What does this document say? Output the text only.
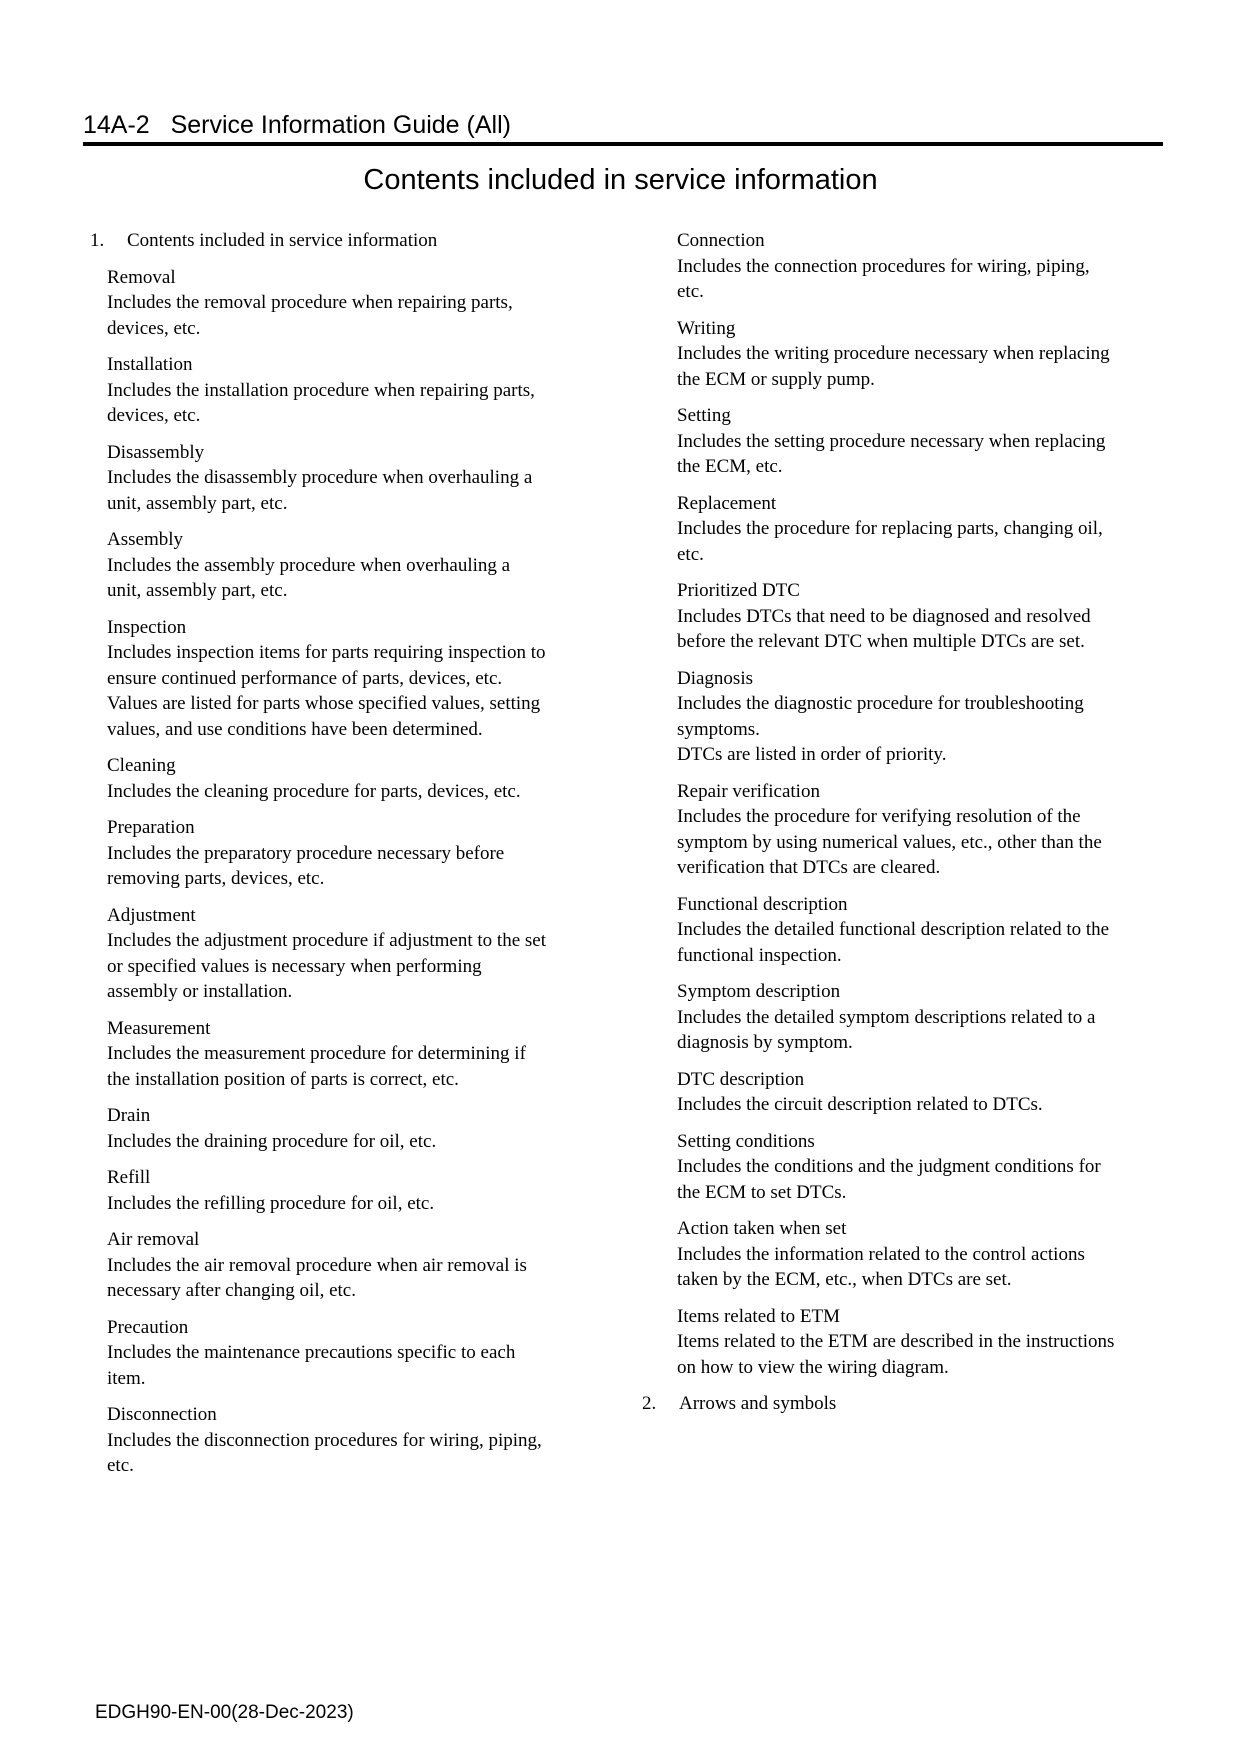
14A-2 Service Information Guide (All)
Contents included in service information
1.	Contents included in service information
Removal
Includes the removal procedure when repairing parts,
devices, etc.
Installation
Includes the installation procedure when repairing parts,
devices, etc.
Disassembly
Includes the disassembly procedure when overhauling a
unit, assembly part, etc.
Assembly
Includes the assembly procedure when overhauling a
unit, assembly part, etc.
Inspection
Includes inspection items for parts requiring inspection to
ensure continued performance of parts, devices, etc.
Values are listed for parts whose specified values, setting
values, and use conditions have been determined.
Cleaning
Includes the cleaning procedure for parts, devices, etc.
Preparation
Includes the preparatory procedure necessary before
removing parts, devices, etc.
Adjustment
Includes the adjustment procedure if adjustment to the set
or specified values is necessary when performing
assembly or installation.
Measurement
Includes the measurement procedure for determining if
the installation position of parts is correct, etc.
Drain
Includes the draining procedure for oil, etc.
Refill
Includes the refilling procedure for oil, etc.
Air removal
Includes the air removal procedure when air removal is
necessary after changing oil, etc.
Precaution
Includes the maintenance precautions specific to each
item.
Disconnection
Includes the disconnection procedures for wiring, piping,
etc.
Connection
Includes the connection procedures for wiring, piping,
etc.
Writing
Includes the writing procedure necessary when replacing
the ECM or supply pump.
Setting
Includes the setting procedure necessary when replacing
the ECM, etc.
Replacement
Includes the procedure for replacing parts, changing oil,
etc.
Prioritized DTC
Includes DTCs that need to be diagnosed and resolved
before the relevant DTC when multiple DTCs are set.
Diagnosis
Includes the diagnostic procedure for troubleshooting
symptoms.
DTCs are listed in order of priority.
Repair verification
Includes the procedure for verifying resolution of the
symptom by using numerical values, etc., other than the
verification that DTCs are cleared.
Functional description
Includes the detailed functional description related to the
functional inspection.
Symptom description
Includes the detailed symptom descriptions related to a
diagnosis by symptom.
DTC description
Includes the circuit description related to DTCs.
Setting conditions
Includes the conditions and the judgment conditions for
the ECM to set DTCs.
Action taken when set
Includes the information related to the control actions
taken by the ECM, etc., when DTCs are set.
Items related to ETM
Items related to the ETM are described in the instructions
on how to view the wiring diagram.
2.	Arrows and symbols
EDGH90-EN-00(28-Dec-2023)
